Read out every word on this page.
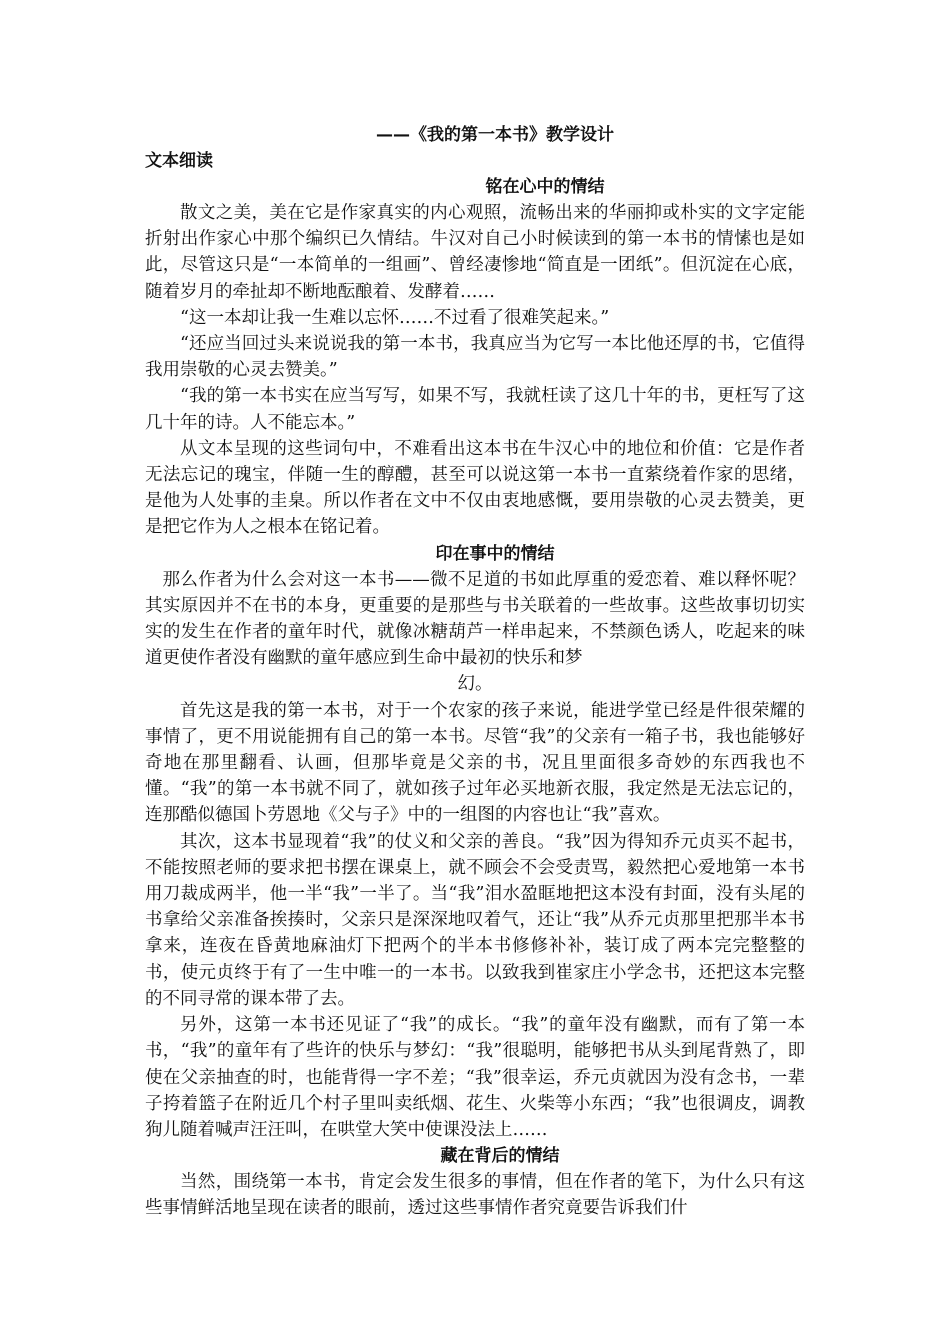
——《我的第一本书》教学设计
文本细读
铭在心中的情结

散文之美，美在它是作家真实的内心观照，流畅出来的华丽抑或朴实的文字定能折射出作家心中那个编织已久情结。牛汉对自己小时候读到的第一本书的情愫也是如此，尽管这只是“一本简单的一组画”、曾经凄惨地“简直是一团纸”。但沉淀在心底，随着岁月的牵扯却不断地酝酿着、发酵着……

“这一本却让我一生难以忘怀……不过看了很难笑起来。”

“还应当回过头来说说我的第一本书，我真应当为它写一本比他还厚的书，它值得我用崇敬的心灵去赞美。”

“我的第一本书实在应当写写，如果不写，我就枉读了这几十年的书，更枉写了这几十年的诗。人不能忘本。”

从文本呈现的这些词句中，不难看出这本书在牛汉心中的地位和价值：它是作者无法忘记的瑰宝，伴随一生的醇醴，甚至可以说这第一本书一直萦绕着作家的思绪，是他为人处事的圭臬。所以作者在文中不仅由衷地感慨，要用崇敬的心灵去赞美，更是把它作为人之根本在铭记着。

印在事中的情结

那么作者为什么会对这一本书——微不足道的书如此厚重的爱恋着、难以释怀呢？其实原因并不在书的本身，更重要的是那些与书关联着的一些故事。这些故事切切实实的发生在作者的童年时代，就像冰糖葫芦一样串起来，不禁颜色诱人，吃起来的味道更使作者没有幽默的童年感应到生命中最初的快乐和梦

幻。

首先这是我的第一本书，对于一个农家的孩子来说，能进学堂已经是件很荣耀的事情了，更不用说能拥有自己的第一本书。尽管“我”的父亲有一箱子书，我也能够好奇地在那里翻看、认画，但那毕竟是父亲的书，况且里面很多奇妙的东西我也不懂。“我”的第一本书就不同了，就如孩子过年必买地新衣服，我定然是无法忘记的，连那酷似德国卜劳恩地《父与子》中的一组图的内容也让“我”喜欢。

其次，这本书显现着“我”的仗义和父亲的善良。“我”因为得知乔元贞买不起书，不能按照老师的要求把书摆在课桌上，就不顾会不会受责骂，毅然把心爱地第一本书用刀裁成两半，他一半“我”一半了。当“我”泪水盈眶地把这本没有封面，没有头尾的书拿给父亲准备挨揍时，父亲只是深深地叹着气，还让“我”从乔元贞那里把那半本书拿来，连夜在昏黄地麻油灯下把两个的半本书修修补补，装订成了两本完完整整的书，使元贞终于有了一生中唯一的一本书。以致我到崔家庄小学念书，还把这本完整的不同寻常的课本带了去。

另外，这第一本书还见证了“我”的成长。“我”的童年没有幽默，而有了第一本书，“我”的童年有了些许的快乐与梦幻：“我”很聪明，能够把书从头到尾背熟了，即使在父亲抽查的时，也能背得一字不差；“我”很幸运，乔元贞就因为没有念书，一辈子挎着篮子在附近几个村子里叫卖纸烟、花生、火柴等小东西；“我”也很调皮，调教狗儿随着喊声汪汪叫，在哄堂大笑中使课没法上……

藏在背后的情结

当然，围绕第一本书，肯定会发生很多的事情，但在作者的笔下，为什么只有这些事情鲜活地呈现在读者的眼前，透过这些事情作者究竟要告诉我们什
